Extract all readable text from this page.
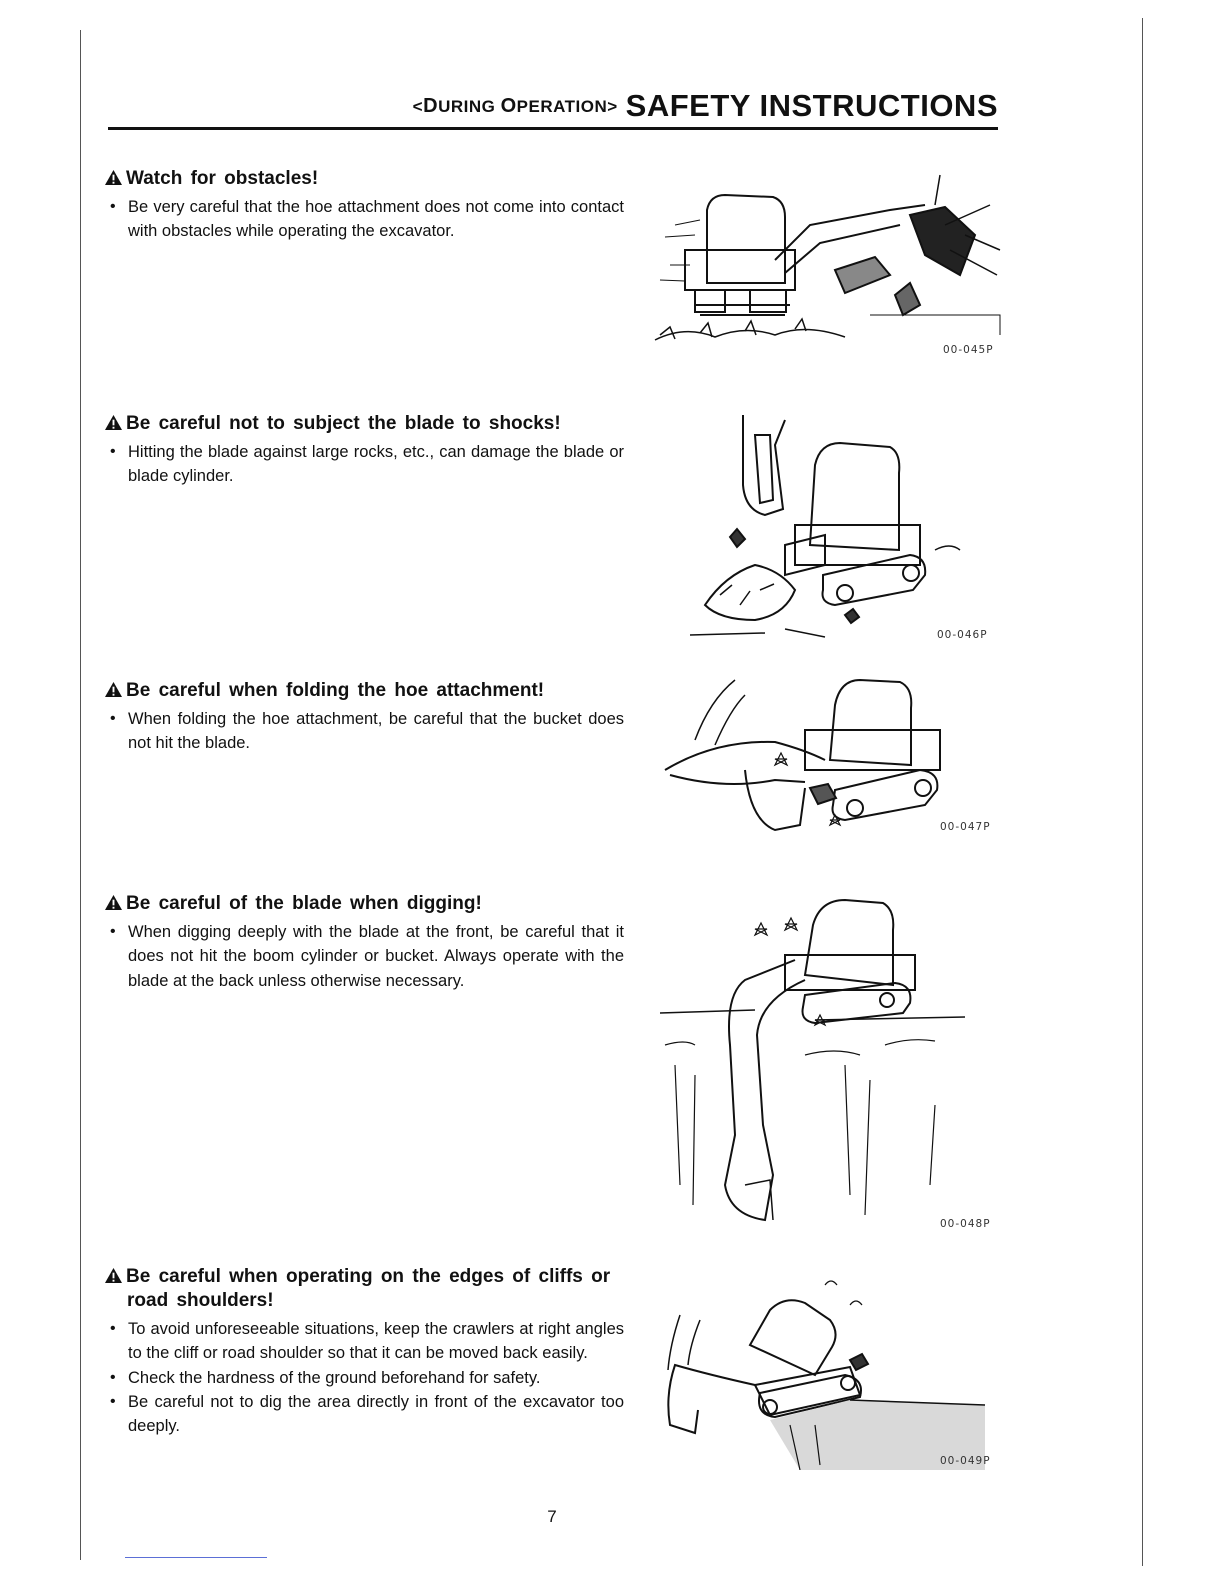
<DURING OPERATION> SAFETY INSTRUCTIONS
Watch for obstacles!
• Be very careful that the hoe attachment does not come into contact with obstacles while operating the excavator.
Be careful not to subject the blade to shocks!
• Hitting the blade against large rocks, etc., can damage the blade or blade cylinder.
Be careful when folding the hoe attachment!
• When folding the hoe attachment, be careful that the bucket does not hit the blade.
Be careful of the blade when digging!
• When digging deeply with the blade at the front, be careful that it does not hit the boom cylinder or bucket. Always operate with the blade at the back unless otherwise necessary.
Be careful when operating on the edges of cliffs or road shoulders!
• To avoid unforeseeable situations, keep the crawlers at right angles to the cliff or road shoulder so that it can be moved back easily.
• Check the hardness of the ground beforehand for safety.
• Be careful not to dig the area directly in front of the excavator too deeply.
00-045P
00-046P
00-047P
00-048P
00-049P
7
